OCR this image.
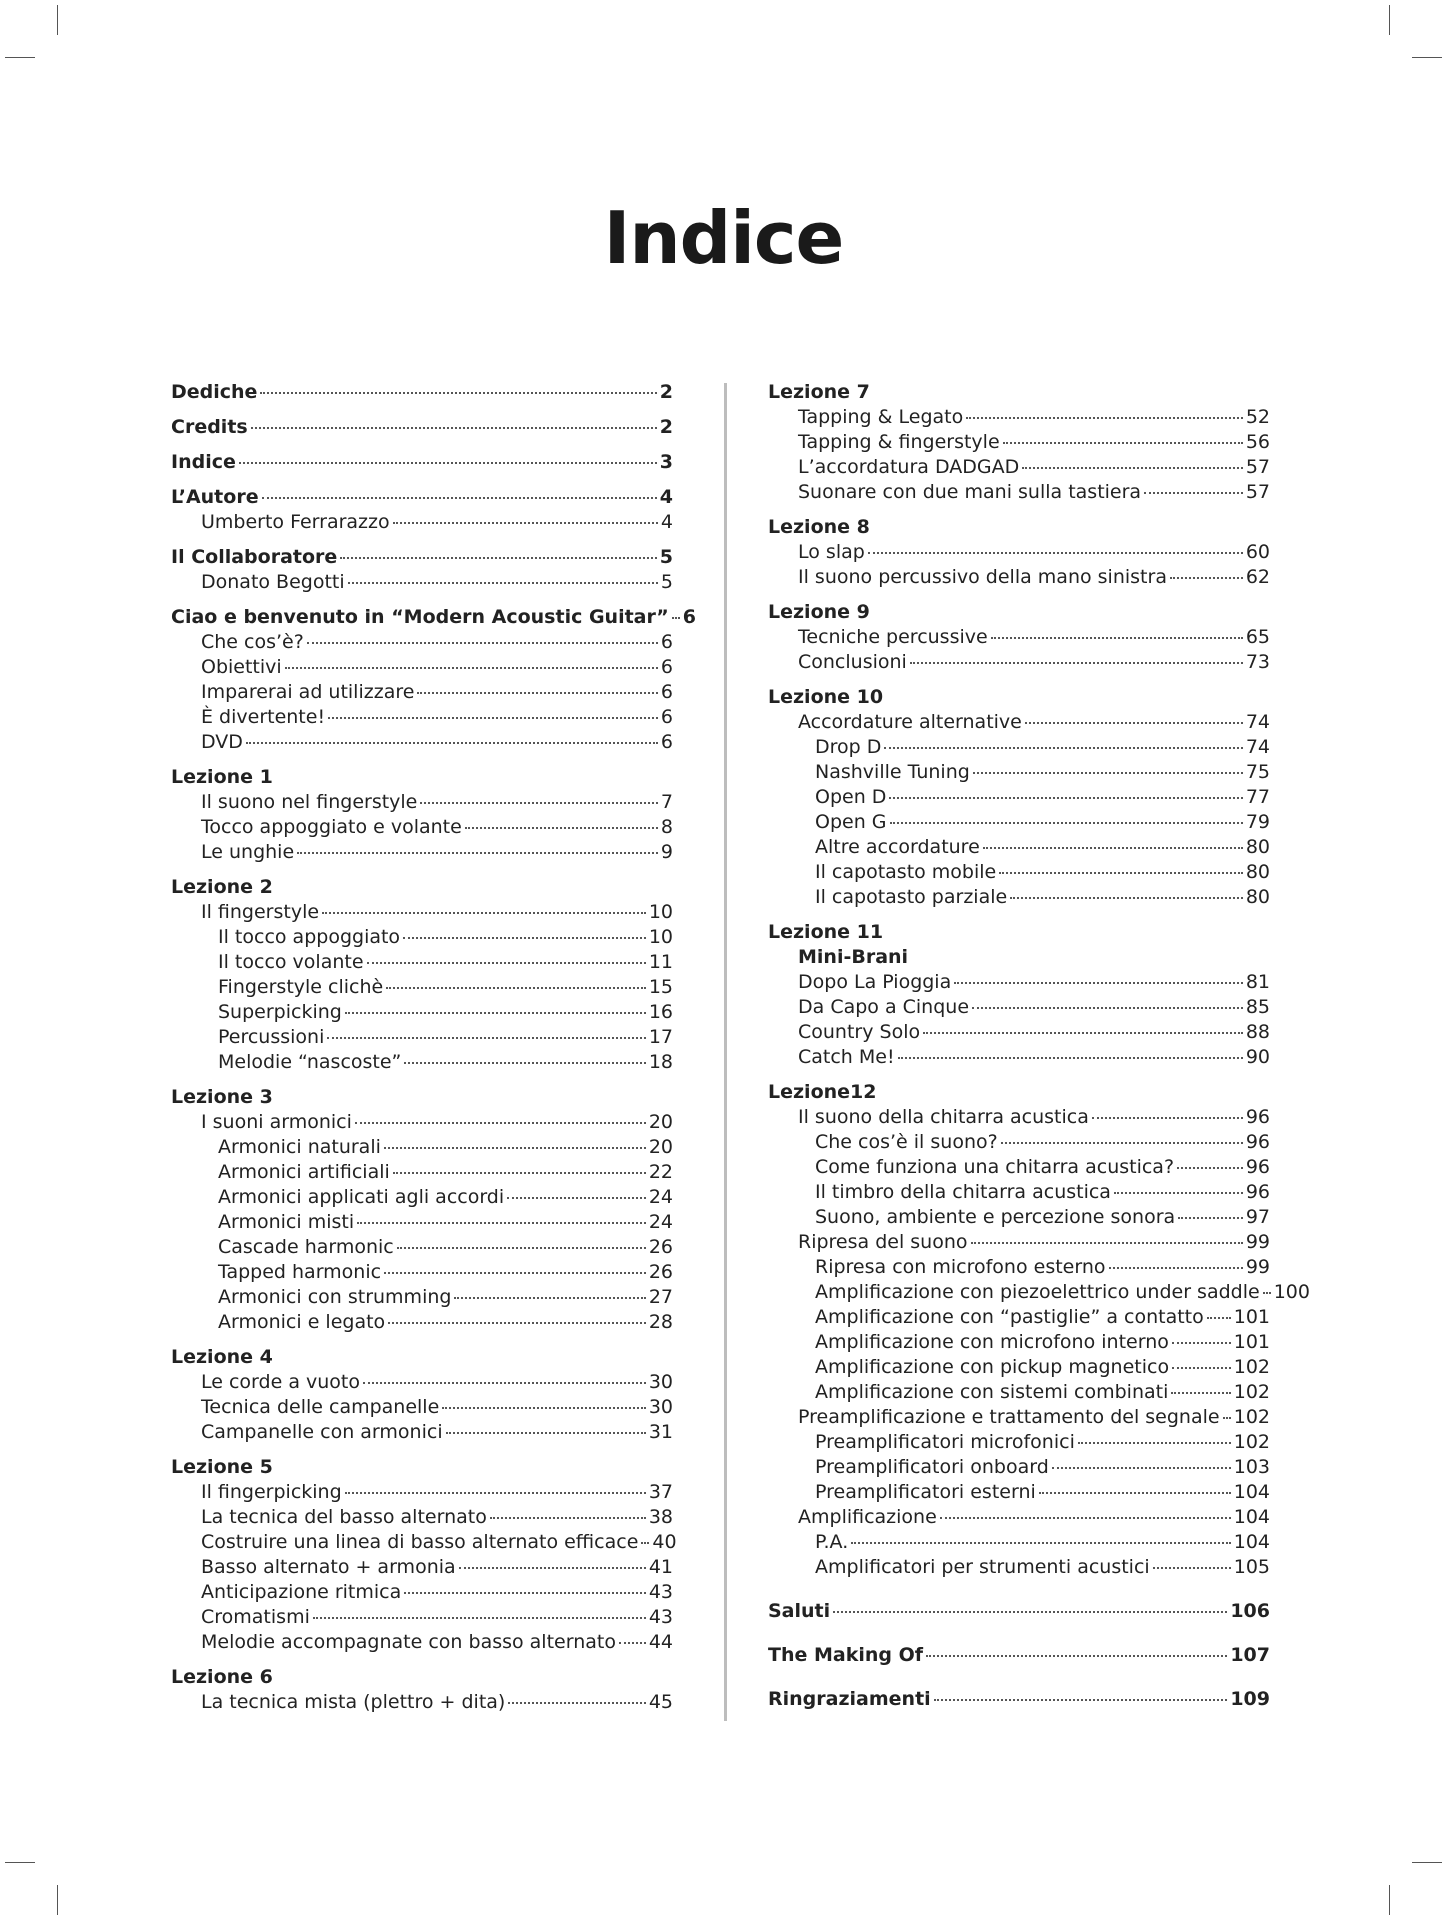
Indice
Dediche	2
Credits	2
Indice	3
L’Autore	4
Umberto Ferrarazzo	4
Il Collaboratore	5
Donato Begotti	5
Ciao e benvenuto in “Modern Acoustic Guitar” 6
Che cos’è?	6
Obiettivi	6
Imparerai ad utilizzare	6
È divertente!	6
DVD	6
Lezione 1
Il suono nel fingerstyle	7
Tocco appoggiato e volante	8
Le unghie	9
Lezione 2
Il fingerstyle	10
Il tocco appoggiato	10
Il tocco volante	11
Fingerstyle clichè	15
Superpicking	16
Percussioni	17
Melodie “nascoste”	18
Lezione 3
I suoni armonici	20
Armonici naturali	20
Armonici artificiali	22
Armonici applicati agli accordi	24
Armonici misti	24
Cascade harmonic	26
Tapped harmonic	26
Armonici con strumming	27
Armonici e legato	28
Lezione 4
Le corde a vuoto	30
Tecnica delle campanelle	30
Campanelle con armonici	31
Lezione 5
Il fingerpicking	37
La tecnica del basso alternato	38
Costruire una linea di basso alternato efficace 40
Basso alternato + armonia	41
Anticipazione ritmica	43
Cromatismi	43
Melodie accompagnate con basso alternato 44
Lezione 6
La tecnica mista (plettro + dita)	45
Lezione 7
Tapping & Legato	52
Tapping & fingerstyle	56
L’accordatura DADGAD	57
Suonare con due mani sulla tastiera	57
Lezione 8
Lo slap	60
Il suono percussivo della mano sinistra	62
Lezione 9
Tecniche percussive	65
Conclusioni	73
Lezione 10
Accordature alternative	74
Drop D	74
Nashville Tuning	75
Open D	77
Open G	79
Altre accordature	80
Il capotasto mobile	80
Il capotasto parziale	80
Lezione 11
Mini-Brani
Dopo La Pioggia	81
Da Capo a Cinque	85
Country Solo	88
Catch Me!	90
Lezione12
Il suono della chitarra acustica	96
Che cos’è il suono?	96
Come funziona una chitarra acustica?	96
Il timbro della chitarra acustica	96
Suono, ambiente e percezione sonora	97
Ripresa del suono	99
Ripresa con microfono esterno	99
Amplificazione con piezoelettrico under saddle 100
Amplificazione con “pastiglie” a contatto 101
Amplificazione con microfono interno	101
Amplificazione con pickup magnetico	102
Amplificazione con sistemi combinati	102
Preamplificazione e trattamento del segnale 102
Preamplificatori microfonici	102
Preamplificatori onboard	103
Preamplificatori esterni	104
Amplificazione	104
P.A.	104
Amplificatori per strumenti acustici	105
Saluti	106
The Making Of	107
Ringraziamenti	109
